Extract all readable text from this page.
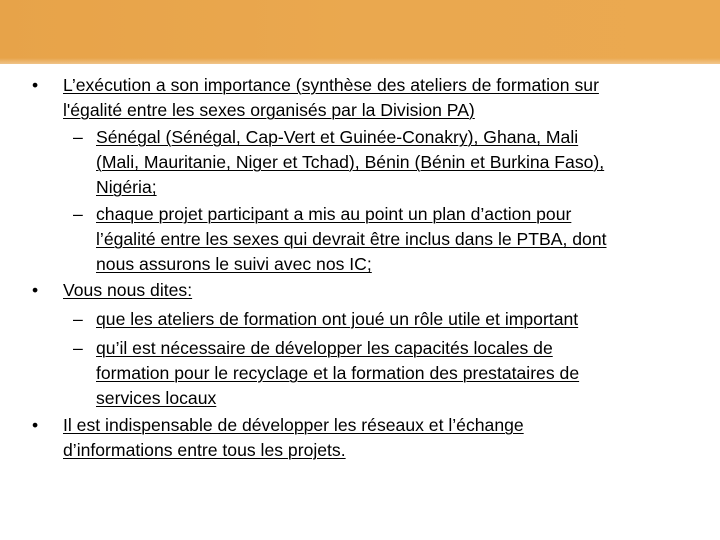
• L’exécution a son importance (synthèse des ateliers de formation sur
l'égalité entre les sexes organisés par la Division PA)
– Sénégal (Sénégal, Cap-Vert et Guinée-Conakry), Ghana, Mali
(Mali, Mauritanie, Niger et Tchad), Bénin (Bénin et Burkina Faso),
Nigéria;
– chaque projet participant a mis au point un plan d’action pour
l’égalité entre les sexes qui devrait être inclus dans le PTBA, dont
nous assurons le suivi avec nos IC;
• Vous nous dites:
– que les ateliers de formation ont joué un rôle utile et important
– qu’il est nécessaire de développer les capacités locales de
formation pour le recyclage et la formation des prestataires de
services locaux
• Il est indispensable de développer les réseaux et l’échange
d’informations entre tous les projets.
